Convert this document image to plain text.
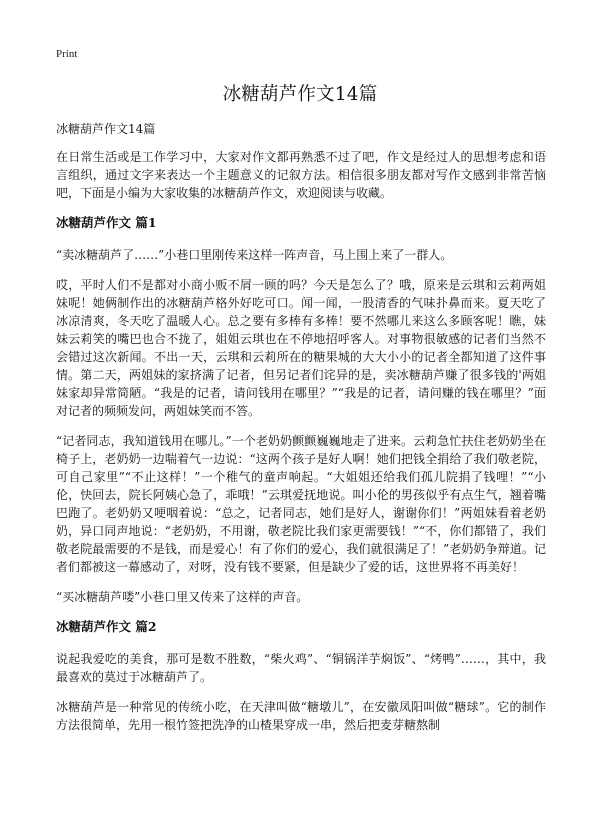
Print
冰糖葫芦作文14篇
冰糖葫芦作文14篇

在日常生活或是工作学习中，大家对作文都再熟悉不过了吧，作文是经过人的思想考虑和语言组织，通过文字来表达一个主题意义的记叙方法。相信很多朋友都对写作文感到非常苦恼吧，下面是小编为大家收集的冰糖葫芦作文，欢迎阅读与收藏。

冰糖葫芦作文 篇1

“卖冰糖葫芦了……”小巷口里刚传来这样一阵声音，马上围上来了一群人。

哎，平时人们不是都对小商小贩不屑一顾的吗？今天是怎么了？哦，原来是云琪和云莉两姐妹呢！她俩制作出的冰糖葫芦格外好吃可口。闻一闻，一股清香的气味扑鼻而来。夏天吃了冰凉清爽，冬天吃了温暖人心。总之要有多棒有多棒！要不然哪儿来这么多顾客呢！瞧，妹妹云莉笑的嘴巴也合不拢了，姐姐云琪也在不停地招呼客人。对事物很敏感的记者们当然不会错过这次新闻。不出一天，云琪和云莉所在的糖果城的大大小小的记者全都知道了这件事情。第二天，两姐妹的家挤满了记者，但另记者们诧异的是，卖冰糖葫芦赚了很多钱的'两姐妹家却异常简陋。“我是的记者，请问钱用在哪里？”“我是的记者，请问赚的钱在哪里？”面对记者的频频发问，两姐妹笑而不答。

“记者同志，我知道钱用在哪儿。”一个老奶奶颤颤巍巍地走了进来。云莉急忙扶住老奶奶坐在椅子上，老奶奶一边喘着气一边说：“这两个孩子是好人啊！她们把钱全捐给了我们敬老院，可自己家里”“不止这样！”一个稚气的童声响起。“大姐姐还给我们孤儿院捐了钱哩！”“小伦，快回去，院长阿姨心急了，乖哦！”云琪爱抚地说。叫小伦的男孩似乎有点生气，翘着嘴巴跑了。老奶奶又哽咽着说：“总之，记者同志，她们是好人，谢谢你们！”两姐妹看着老奶奶，异口同声地说：“老奶奶，不用谢，敬老院比我们家更需要钱！”“不，你们都错了，我们敬老院最需要的不是钱，而是爱心！有了你们的爱心，我们就很满足了！”老奶奶争辩道。记者们都被这一幕感动了，对呀，没有钱不要紧，但是缺少了爱的话，这世界将不再美好！

“买冰糖葫芦喽”小巷口里又传来了这样的声音。

冰糖葫芦作文 篇2

说起我爱吃的美食，那可是数不胜数，“柴火鸡”、“铜锅洋芋焖饭”、“烤鸭”……，其中，我最喜欢的莫过于冰糖葫芦了。

冰糖葫芦是一种常见的传统小吃，在天津叫做“糖墩儿”，在安徽凤阳叫做“糖球”。它的制作方法很简单，先用一根竹签把洗净的山楂果穿成一串，然后把麦芽糖熬制
